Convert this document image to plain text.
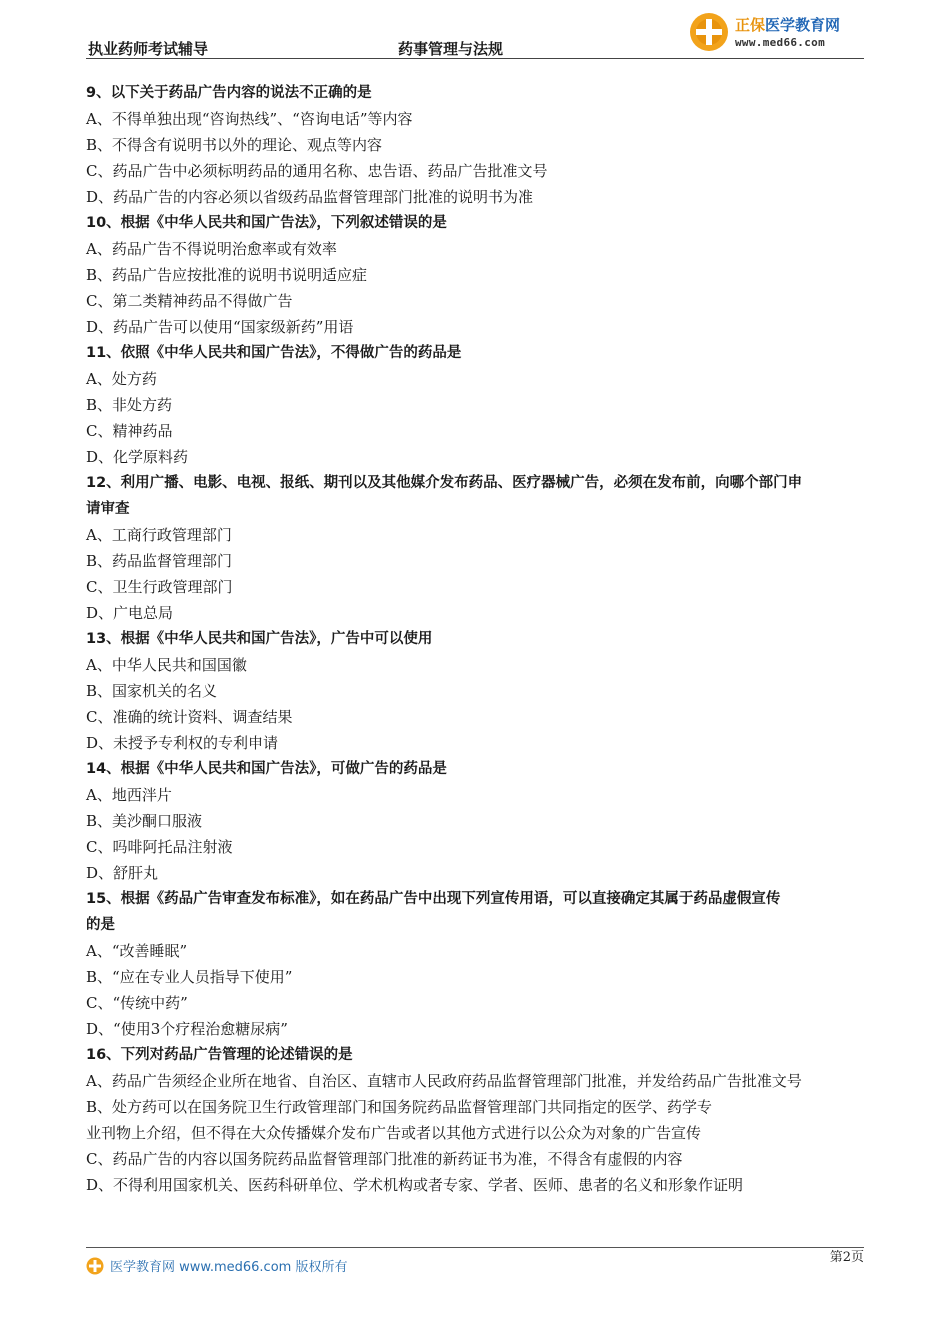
执业药师考试辅导	药事管理与法规
正保医学教育网
www.med66.com
9、以下关于药品广告内容的说法不正确的是
A、不得单独出现“咨询热线”、“咨询电话”等内容
B、不得含有说明书以外的理论、观点等内容
C、药品广告中必须标明药品的通用名称、忠告语、药品广告批准文号
D、药品广告的内容必须以省级药品监督管理部门批准的说明书为准
10、根据《中华人民共和国广告法》，下列叙述错误的是
A、药品广告不得说明治愈率或有效率
B、药品广告应按批准的说明书说明适应症
C、第二类精神药品不得做广告
D、药品广告可以使用“国家级新药”用语
11、依照《中华人民共和国广告法》，不得做广告的药品是
A、处方药
B、非处方药
C、精神药品
D、化学原料药
12、利用广播、电影、电视、报纸、期刊以及其他媒介发布药品、医疗器械广告，必须在发布前，向哪个部门申
请审查
A、工商行政管理部门
B、药品监督管理部门
C、卫生行政管理部门
D、广电总局
13、根据《中华人民共和国广告法》，广告中可以使用
A、中华人民共和国国徽
B、国家机关的名义
C、准确的统计资料、调查结果
D、未授予专利权的专利申请
14、根据《中华人民共和国广告法》，可做广告的药品是
A、地西泮片
B、美沙酮口服液
C、吗啡阿托品注射液
D、舒肝丸
15、根据《药品广告审查发布标准》，如在药品广告中出现下列宣传用语，可以直接确定其属于药品虚假宣传
的是
A、“改善睡眠”
B、“应在专业人员指导下使用”
C、“传统中药”
D、“使用3个疗程治愈糖尿病”
16、下列对药品广告管理的论述错误的是
A、药品广告须经企业所在地省、自治区、直辖市人民政府药品监督管理部门批准，并发给药品广告批准文号
B、处方药可以在国务院卫生行政管理部门和国务院药品监督管理部门共同指定的医学、药学专
业刊物上介绍，但不得在大众传播媒介发布广告或者以其他方式进行以公众为对象的广告宣传
C、药品广告的内容以国务院药品监督管理部门批准的新药证书为准，不得含有虚假的内容
D、不得利用国家机关、医药科研单位、学术机构或者专家、学者、医师、患者的名义和形象作证明
医学教育网 www.med66.com 版权所有
第2页
